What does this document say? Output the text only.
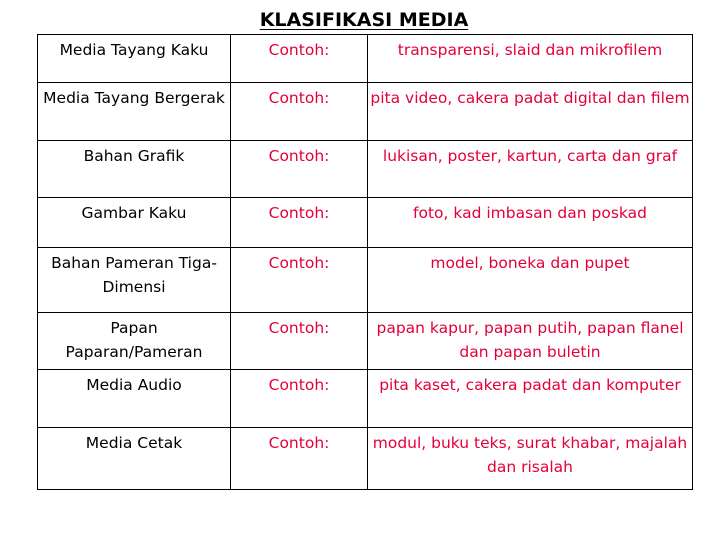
KLASIFIKASI MEDIA
Media Tayang Kaku	Contoh:	transparensi, slaid dan mikrofilem
Media Tayang Bergerak	Contoh:	pita video, cakera padat digital dan filem
Bahan Grafik	Contoh:	lukisan, poster, kartun, carta dan graf
Gambar Kaku	Contoh:	foto, kad imbasan dan poskad
Bahan Pameran Tiga-Dimensi	Contoh:	model, boneka dan pupet
Papan Paparan/Pameran	Contoh:	papan kapur, papan putih, papan flanel dan papan buletin
Media Audio	Contoh:	pita kaset, cakera padat dan komputer
Media Cetak	Contoh:	modul, buku teks, surat khabar, majalah dan risalah
